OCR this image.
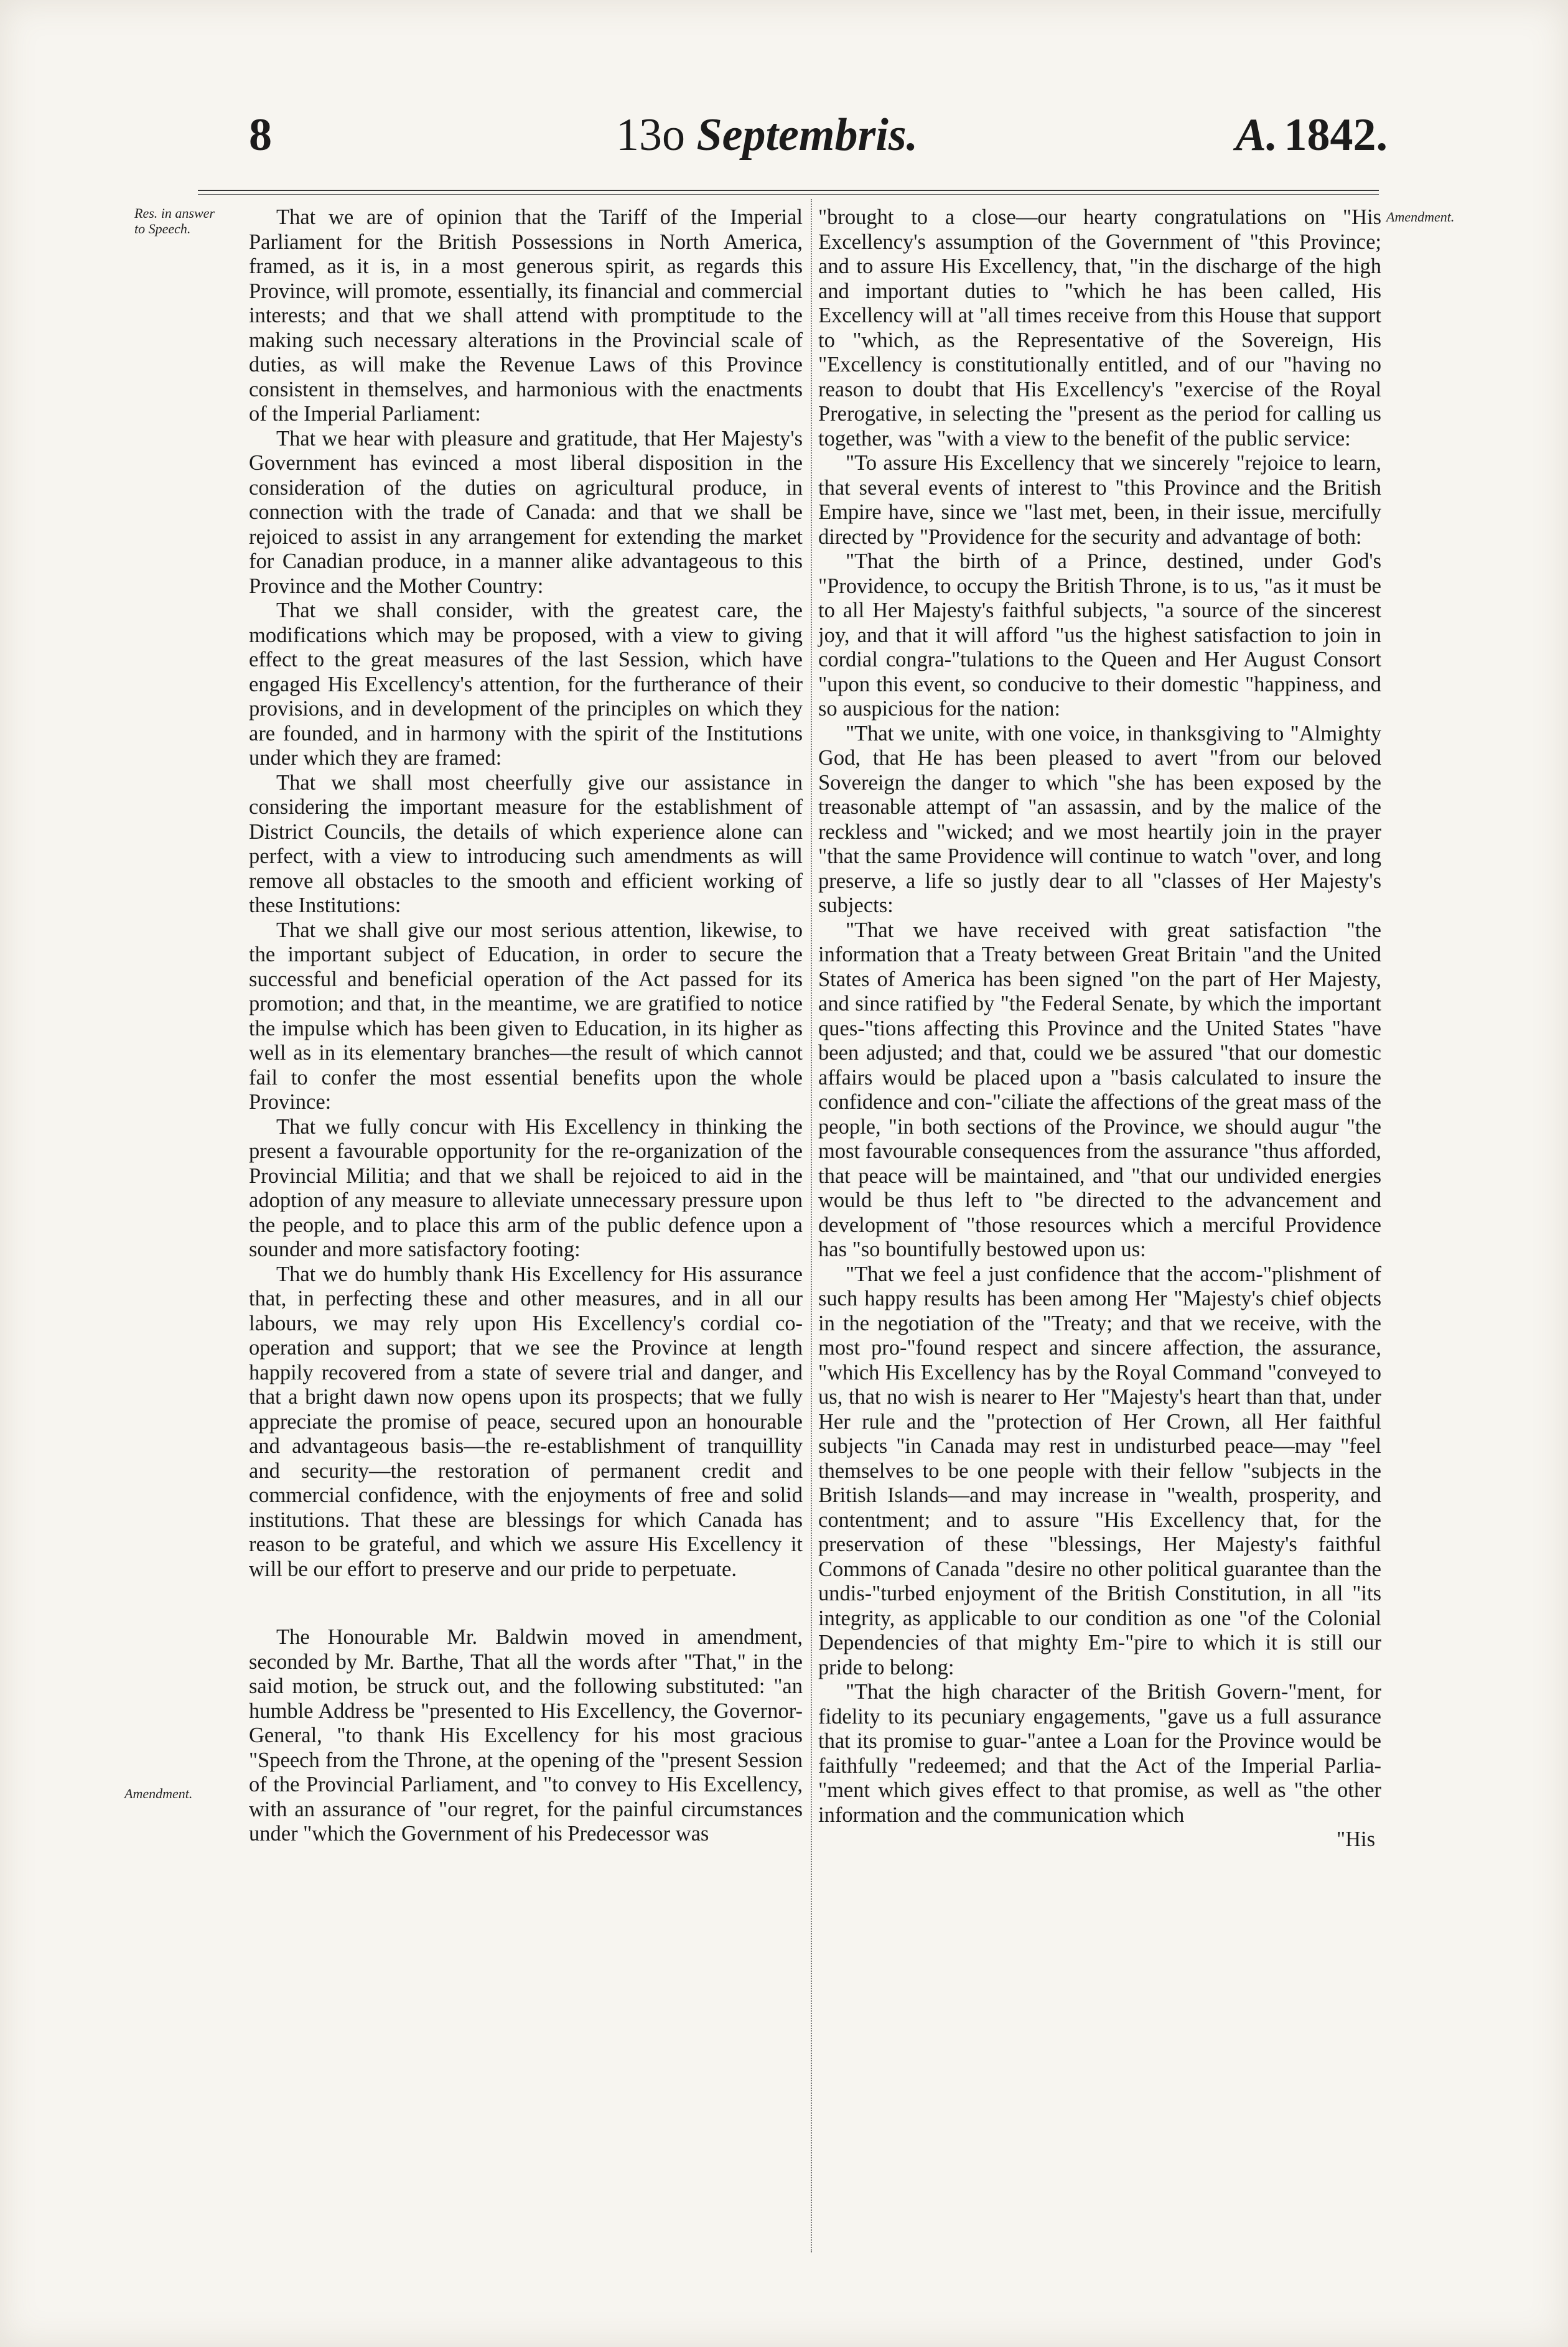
8	13o Septembris.	A. 1842.
Res. in answer to Speech.
Amendment.
Amendment.

That we are of opinion that the Tariff of the Imperial Parliament for the British Possessions in North America, framed, as it is, in a most generous spirit, as regards this Province, will promote, essentially, its financial and commercial interests; and that we shall attend with promptitude to the making such necessary alterations in the Provincial scale of duties, as will make the Revenue Laws of this Province consistent in themselves, and harmonious with the enactments of the Imperial Parliament:

That we hear with pleasure and gratitude, that Her Majesty's Government has evinced a most liberal disposition in the consideration of the duties on agricultural produce, in connection with the trade of Canada: and that we shall be rejoiced to assist in any arrangement for extending the market for Canadian produce, in a manner alike advantageous to this Province and the Mother Country:

That we shall consider, with the greatest care, the modifications which may be proposed, with a view to giving effect to the great measures of the last Session, which have engaged His Excellency's attention, for the furtherance of their provisions, and in development of the principles on which they are founded, and in harmony with the spirit of the Institutions under which they are framed:

That we shall most cheerfully give our assistance in considering the important measure for the establishment of District Councils, the details of which experience alone can perfect, with a view to introducing such amendments as will remove all obstacles to the smooth and efficient working of these Institutions:

That we shall give our most serious attention, likewise, to the important subject of Education, in order to secure the successful and beneficial operation of the Act passed for its promotion; and that, in the meantime, we are gratified to notice the impulse which has been given to Education, in its higher as well as in its elementary branches—the result of which cannot fail to confer the most essential benefits upon the whole Province:

That we fully concur with His Excellency in thinking the present a favourable opportunity for the re-organization of the Provincial Militia; and that we shall be rejoiced to aid in the adoption of any measure to alleviate unnecessary pressure upon the people, and to place this arm of the public defence upon a sounder and more satisfactory footing:

That we do humbly thank His Excellency for His assurance that, in perfecting these and other measures, and in all our labours, we may rely upon His Excellency's cordial co-operation and support; that we see the Province at length happily recovered from a state of severe trial and danger, and that a bright dawn now opens upon its prospects; that we fully appreciate the promise of peace, secured upon an honourable and advantageous basis—the re-establishment of tranquillity and security—the restoration of permanent credit and commercial confidence, with the enjoyments of free and solid institutions. That these are blessings for which Canada has reason to be grateful, and which we assure His Excellency it will be our effort to preserve and our pride to perpetuate.

The Honourable Mr. Baldwin moved in amendment, seconded by Mr. Barthe, That all the words after "That," in the said motion, be struck out, and the following substituted: "an humble Address be "presented to His Excellency, the Governor-General, "to thank His Excellency for his most gracious "Speech from the Throne, at the opening of the "present Session of the Provincial Parliament, and "to convey to His Excellency, with an assurance of "our regret, for the painful circumstances under "which the Government of his Predecessor was

"brought to a close—our hearty congratulations on "His Excellency's assumption of the Government of "this Province; and to assure His Excellency, that, "in the discharge of the high and important duties to "which he has been called, His Excellency will at "all times receive from this House that support to "which, as the Representative of the Sovereign, His "Excellency is constitutionally entitled, and of our "having no reason to doubt that His Excellency's "exercise of the Royal Prerogative, in selecting the "present as the period for calling us together, was "with a view to the benefit of the public service:

"To assure His Excellency that we sincerely "rejoice to learn, that several events of interest to "this Province and the British Empire have, since we "last met, been, in their issue, mercifully directed by "Providence for the security and advantage of both:

"That the birth of a Prince, destined, under God's "Providence, to occupy the British Throne, is to us, "as it must be to all Her Majesty's faithful subjects, "a source of the sincerest joy, and that it will afford "us the highest satisfaction to join in cordial congra-"tulations to the Queen and Her August Consort "upon this event, so conducive to their domestic "happiness, and so auspicious for the nation:

"That we unite, with one voice, in thanksgiving to "Almighty God, that He has been pleased to avert "from our beloved Sovereign the danger to which "she has been exposed by the treasonable attempt of "an assassin, and by the malice of the reckless and "wicked; and we most heartily join in the prayer "that the same Providence will continue to watch "over, and long preserve, a life so justly dear to all "classes of Her Majesty's subjects:

"That we have received with great satisfaction "the information that a Treaty between Great Britain "and the United States of America has been signed "on the part of Her Majesty, and since ratified by "the Federal Senate, by which the important ques-"tions affecting this Province and the United States "have been adjusted; and that, could we be assured "that our domestic affairs would be placed upon a "basis calculated to insure the confidence and con-"ciliate the affections of the great mass of the people, "in both sections of the Province, we should augur "the most favourable consequences from the assurance "thus afforded, that peace will be maintained, and "that our undivided energies would be thus left to "be directed to the advancement and development of "those resources which a merciful Providence has "so bountifully bestowed upon us:

"That we feel a just confidence that the accom-"plishment of such happy results has been among Her "Majesty's chief objects in the negotiation of the "Treaty; and that we receive, with the most pro-"found respect and sincere affection, the assurance, "which His Excellency has by the Royal Command "conveyed to us, that no wish is nearer to Her "Majesty's heart than that, under Her rule and the "protection of Her Crown, all Her faithful subjects "in Canada may rest in undisturbed peace—may "feel themselves to be one people with their fellow "subjects in the British Islands—and may increase in "wealth, prosperity, and contentment; and to assure "His Excellency that, for the preservation of these "blessings, Her Majesty's faithful Commons of Canada "desire no other political guarantee than the undis-"turbed enjoyment of the British Constitution, in all "its integrity, as applicable to our condition as one "of the Colonial Dependencies of that mighty Em-"pire to which it is still our pride to belong:

"That the high character of the British Govern-"ment, for fidelity to its pecuniary engagements, "gave us a full assurance that its promise to guar-"antee a Loan for the Province would be faithfully "redeemed; and that the Act of the Imperial Parlia-"ment which gives effect to that promise, as well as "the other information and the communication which

"His
